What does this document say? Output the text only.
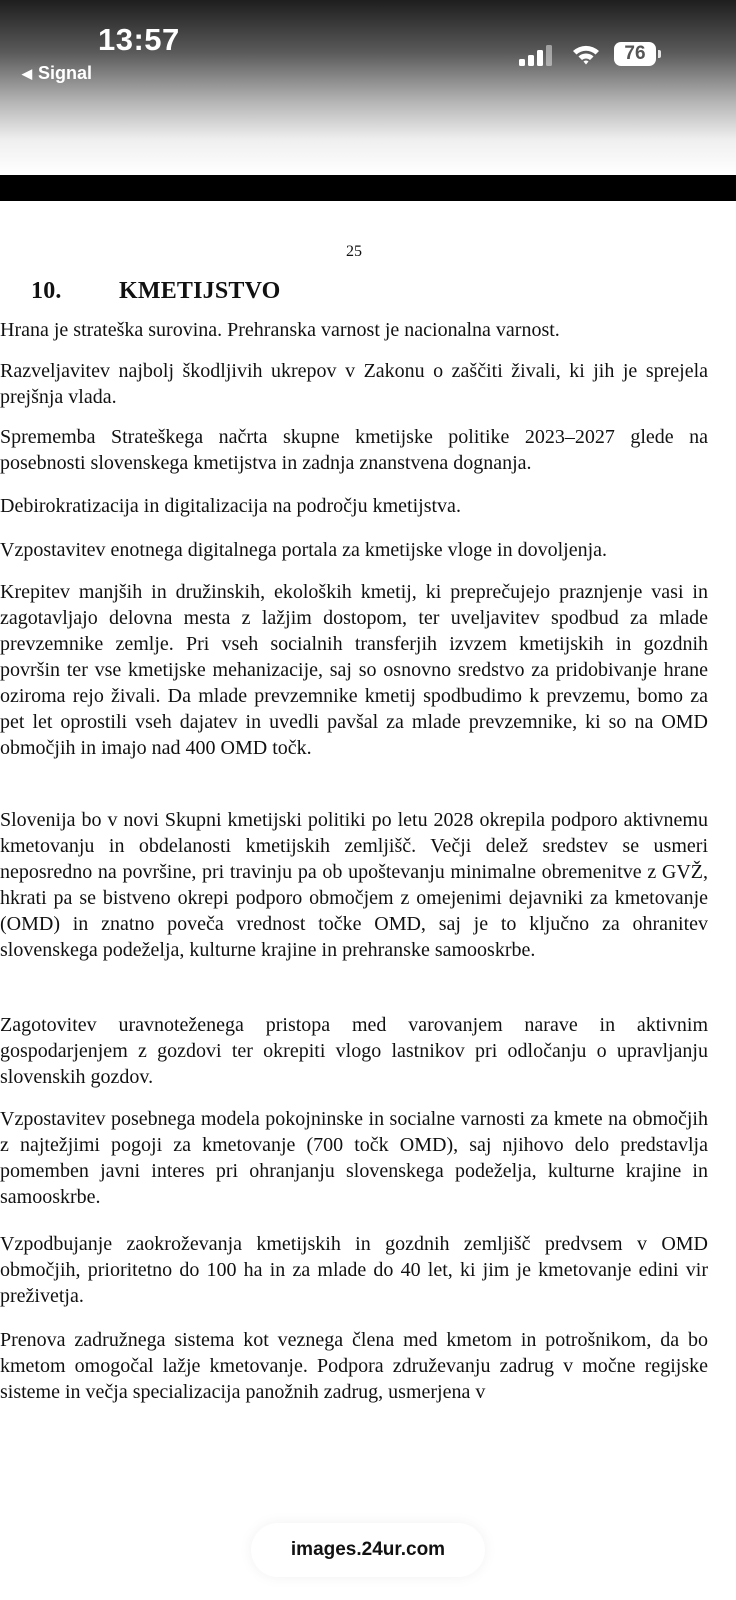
13:57
◀ Signal
76
25
10. KMETIJSTVO

Hrana je strateška surovina. Prehranska varnost je nacionalna varnost.

Razveljavitev najbolj škodljivih ukrepov v Zakonu o zaščiti živali, ki jih je sprejela prejšnja vlada.

Sprememba Strateškega načrta skupne kmetijske politike 2023–2027 glede na posebnosti slovenskega kmetijstva in zadnja znanstvena dognanja.

Debirokratizacija in digitalizacija na področju kmetijstva.

Vzpostavitev enotnega digitalnega portala za kmetijske vloge in dovoljenja.

Krepitev manjših in družinskih, ekoloških kmetij, ki preprečujejo praznjenje vasi in zagotavljajo delovna mesta z lažjim dostopom, ter uveljavitev spodbud za mlade prevzemnike zemlje. Pri vseh socialnih transferjih izvzem kmetijskih in gozdnih površin ter vse kmetijske mehanizacije, saj so osnovno sredstvo za pridobivanje hrane oziroma rejo živali. Da mlade prevzemnike kmetij spodbudimo k prevzemu, bomo za pet let oprostili vseh dajatev in uvedli pavšal za mlade prevzemnike, ki so na OMD območjih in imajo nad 400 OMD točk.

Slovenija bo v novi Skupni kmetijski politiki po letu 2028 okrepila podporo aktivnemu kmetovanju in obdelanosti kmetijskih zemljišč. Večji delež sredstev se usmeri neposredno na površine, pri travinju pa ob upoštevanju minimalne obremenitve z GVŽ, hkrati pa se bistveno okrepi podporo območjem z omejenimi dejavniki za kmetovanje (OMD) in znatno poveča vrednost točke OMD, saj je to ključno za ohranitev slovenskega podeželja, kulturne krajine in prehranske samooskrbe.

Zagotovitev uravnoteženega pristopa med varovanjem narave in aktivnim gospodarjenjem z gozdovi ter okrepiti vlogo lastnikov pri odločanju o upravljanju slovenskih gozdov.

Vzpostavitev posebnega modela pokojninske in socialne varnosti za kmete na območjih z najtežjimi pogoji za kmetovanje (700 točk OMD), saj njihovo delo predstavlja pomemben javni interes pri ohranjanju slovenskega podeželja, kulturne krajine in samooskrbe.

Vzpodbujanje zaokroževanja kmetijskih in gozdnih zemljišč predvsem v OMD območjih, prioritetno do 100 ha in za mlade do 40 let, ki jim je kmetovanje edini vir preživetja.

Prenova zadružnega sistema kot veznega člena med kmetom in potrošnikom, da bo kmetom omogočal lažje kmetovanje. Podpora združevanju zadrug v močne regijske sisteme in večja specializacija panožnih zadrug, usmerjena v

images.24ur.com
